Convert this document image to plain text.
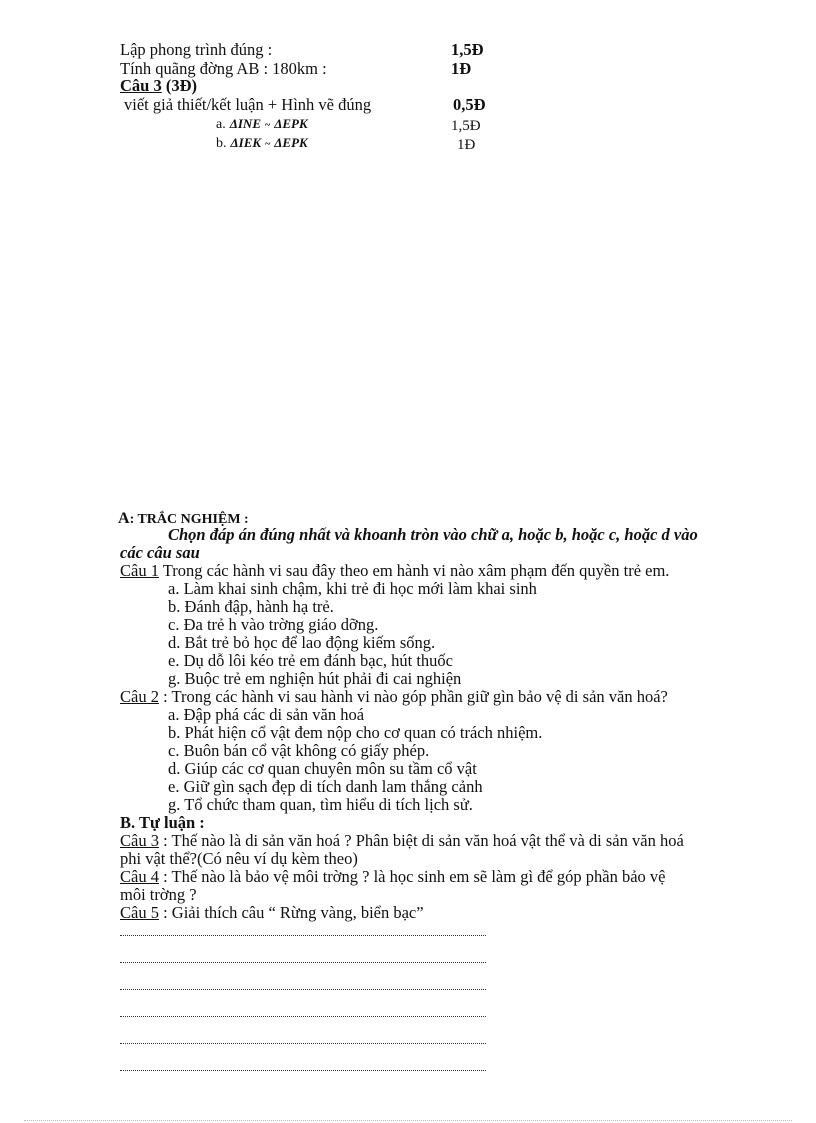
Lập phong trình đúng :	1,5Đ
Tính quãng đờng AB : 180km :	1Đ
Câu 3 (3Đ)
viết giả thiết/kết luận + Hình vẽ đúng	0,5Đ
a. ΔINE ~ ΔEPK	1,5Đ
b. ΔIEK ~ ΔEPK	1Đ
A: TRẮC NGHIỆM :
Chọn đáp án đúng nhất và khoanh tròn vào chữ a, hoặc b, hoặc c, hoặc d vào
các câu sau
Câu 1 Trong các hành vi sau đây theo em hành vi nào xâm phạm đến quyền trẻ em.
a. Làm khai sinh chậm, khi trẻ đi học mới làm khai sinh
b. Đánh đập, hành hạ trẻ.
c. Đa trẻ h vào trờng giáo dỡng.
d. Bắt trẻ bỏ học để lao động kiếm sống.
e. Dụ dỗ lôi kéo trẻ em đánh bạc, hút thuốc
g. Buộc trẻ em nghiện hút phải đi cai nghiện
Câu 2 : Trong các hành vi sau hành vi nào góp phần giữ gìn bảo vệ di sản văn hoá?
a. Đập phá các di sản văn hoá
b. Phát hiện cổ vật đem nộp cho cơ quan có trách nhiệm.
c. Buôn bán cổ vật không có giấy phép.
d. Giúp các cơ quan chuyên môn su tầm cổ vật
e. Giữ gìn sạch đẹp di tích danh lam thắng cảnh
g. Tổ chức tham quan, tìm hiểu di tích lịch sử.
B. Tự luận :
Câu 3 : Thế nào là di sản văn hoá ? Phân biệt di sản văn hoá vật thể và di sản văn hoá
phi vật thể?(Có nêu ví dụ kèm theo)
Câu 4 : Thế nào là bảo vệ môi trờng ? là học sinh em sẽ làm gì để góp phần bảo vệ
môi trờng ?
Câu 5 : Giải thích câu “ Rừng vàng, biển bạc”
